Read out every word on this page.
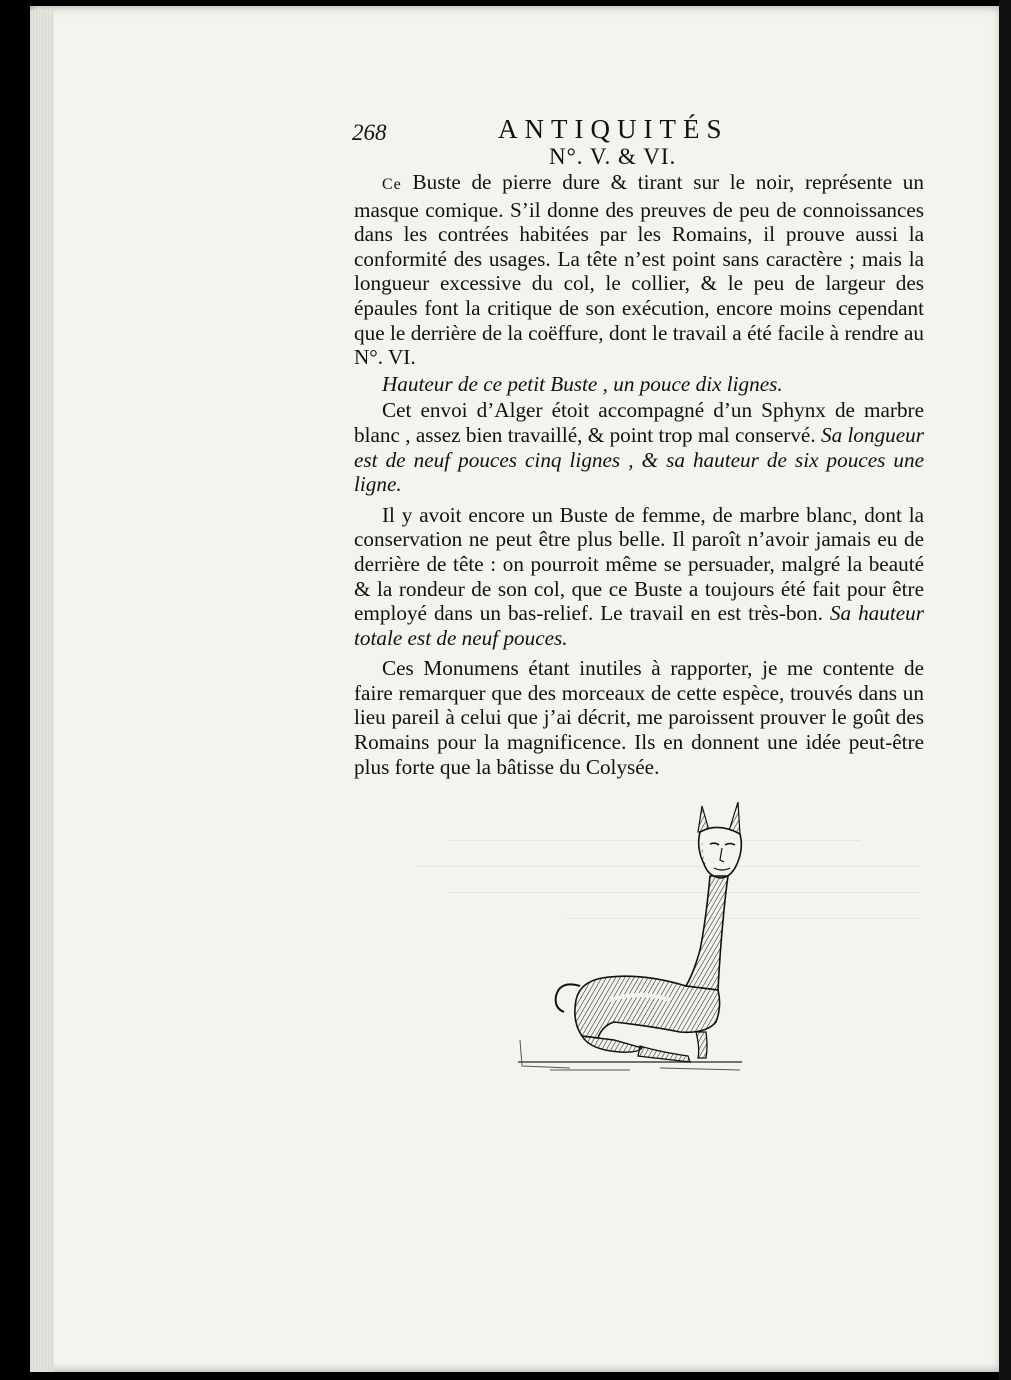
268	ANTIQUITÉS
N°. V. & VI.

Ce Buste de pierre dure & tirant sur le noir, représente un masque comique. S’il donne des preuves de peu de connoissances dans les contrées habitées par les Romains, il prouve aussi la conformité des usages. La tête n’est point sans caractère ; mais la longueur excessive du col, le collier, & le peu de largeur des épaules font la critique de son exécution, encore moins cependant que le derrière de la coëffure, dont le travail a été facile à rendre au N°. VI.

Hauteur de ce petit Buste , un pouce dix lignes.

Cet envoi d’Alger étoit accompagné d’un Sphynx de marbre blanc , assez bien travaillé, & point trop mal conservé. Sa longueur est de neuf pouces cinq lignes , & sa hauteur de six pouces une ligne.

Il y avoit encore un Buste de femme, de marbre blanc, dont la conservation ne peut être plus belle. Il paroît n’avoir jamais eu de derrière de tête : on pourroit même se persuader, malgré la beauté & la rondeur de son col, que ce Buste a toujours été fait pour être employé dans un bas-relief. Le travail en est très-bon. Sa hauteur totale est de neuf pouces.

Ces Monumens étant inutiles à rapporter, je me contente de faire remarquer que des morceaux de cette espèce, trouvés dans un lieu pareil à celui que j’ai décrit, me paroissent prouver le goût des Romains pour la magnificence. Ils en donnent une idée peut-être plus forte que la bâtisse du Colysée.
